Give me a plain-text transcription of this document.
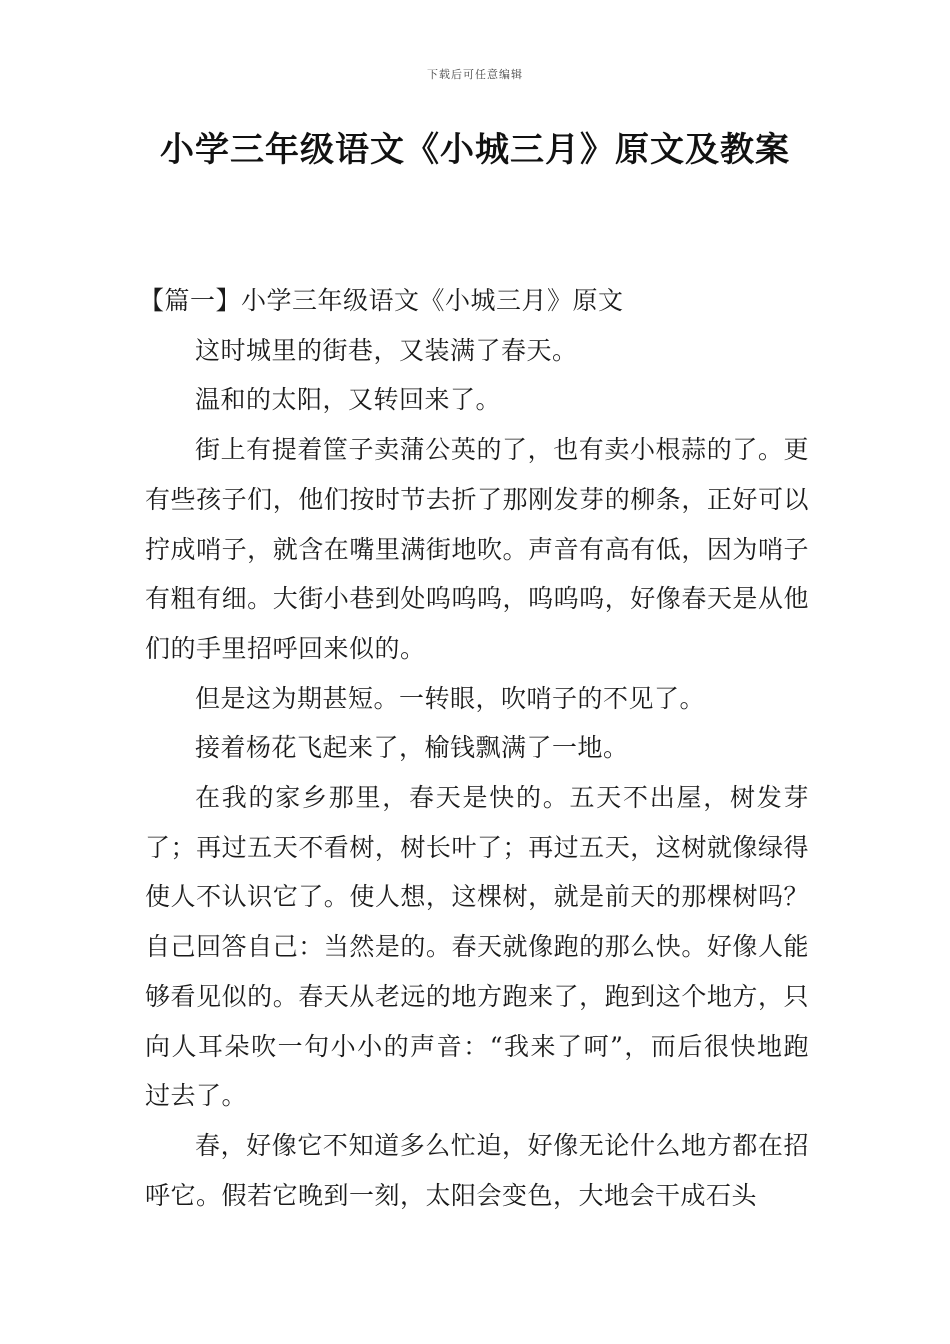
下载后可任意编辑
小学三年级语文《小城三月》原文及教案

【篇一】小学三年级语文《小城三月》原文

这时城里的街巷，又装满了春天。

温和的太阳，又转回来了。

街上有提着筐子卖蒲公英的了，也有卖小根蒜的了。更有些孩子们，他们按时节去折了那刚发芽的柳条，正好可以拧成哨子，就含在嘴里满街地吹。声音有高有低，因为哨子有粗有细。大街小巷到处呜呜呜，呜呜呜，好像春天是从他们的手里招呼回来似的。

但是这为期甚短。一转眼，吹哨子的不见了。

接着杨花飞起来了，榆钱飘满了一地。

在我的家乡那里，春天是快的。五天不出屋，树发芽了；再过五天不看树，树长叶了；再过五天，这树就像绿得使人不认识它了。使人想，这棵树，就是前天的那棵树吗？自己回答自己：当然是的。春天就像跑的那么快。好像人能够看见似的。春天从老远的地方跑来了，跑到这个地方，只向人耳朵吹一句小小的声音：“我来了呵”，而后很快地跑过去了。

春，好像它不知道多么忙迫，好像无论什么地方都在招呼它。假若它晚到一刻，太阳会变色，大地会干成石头
